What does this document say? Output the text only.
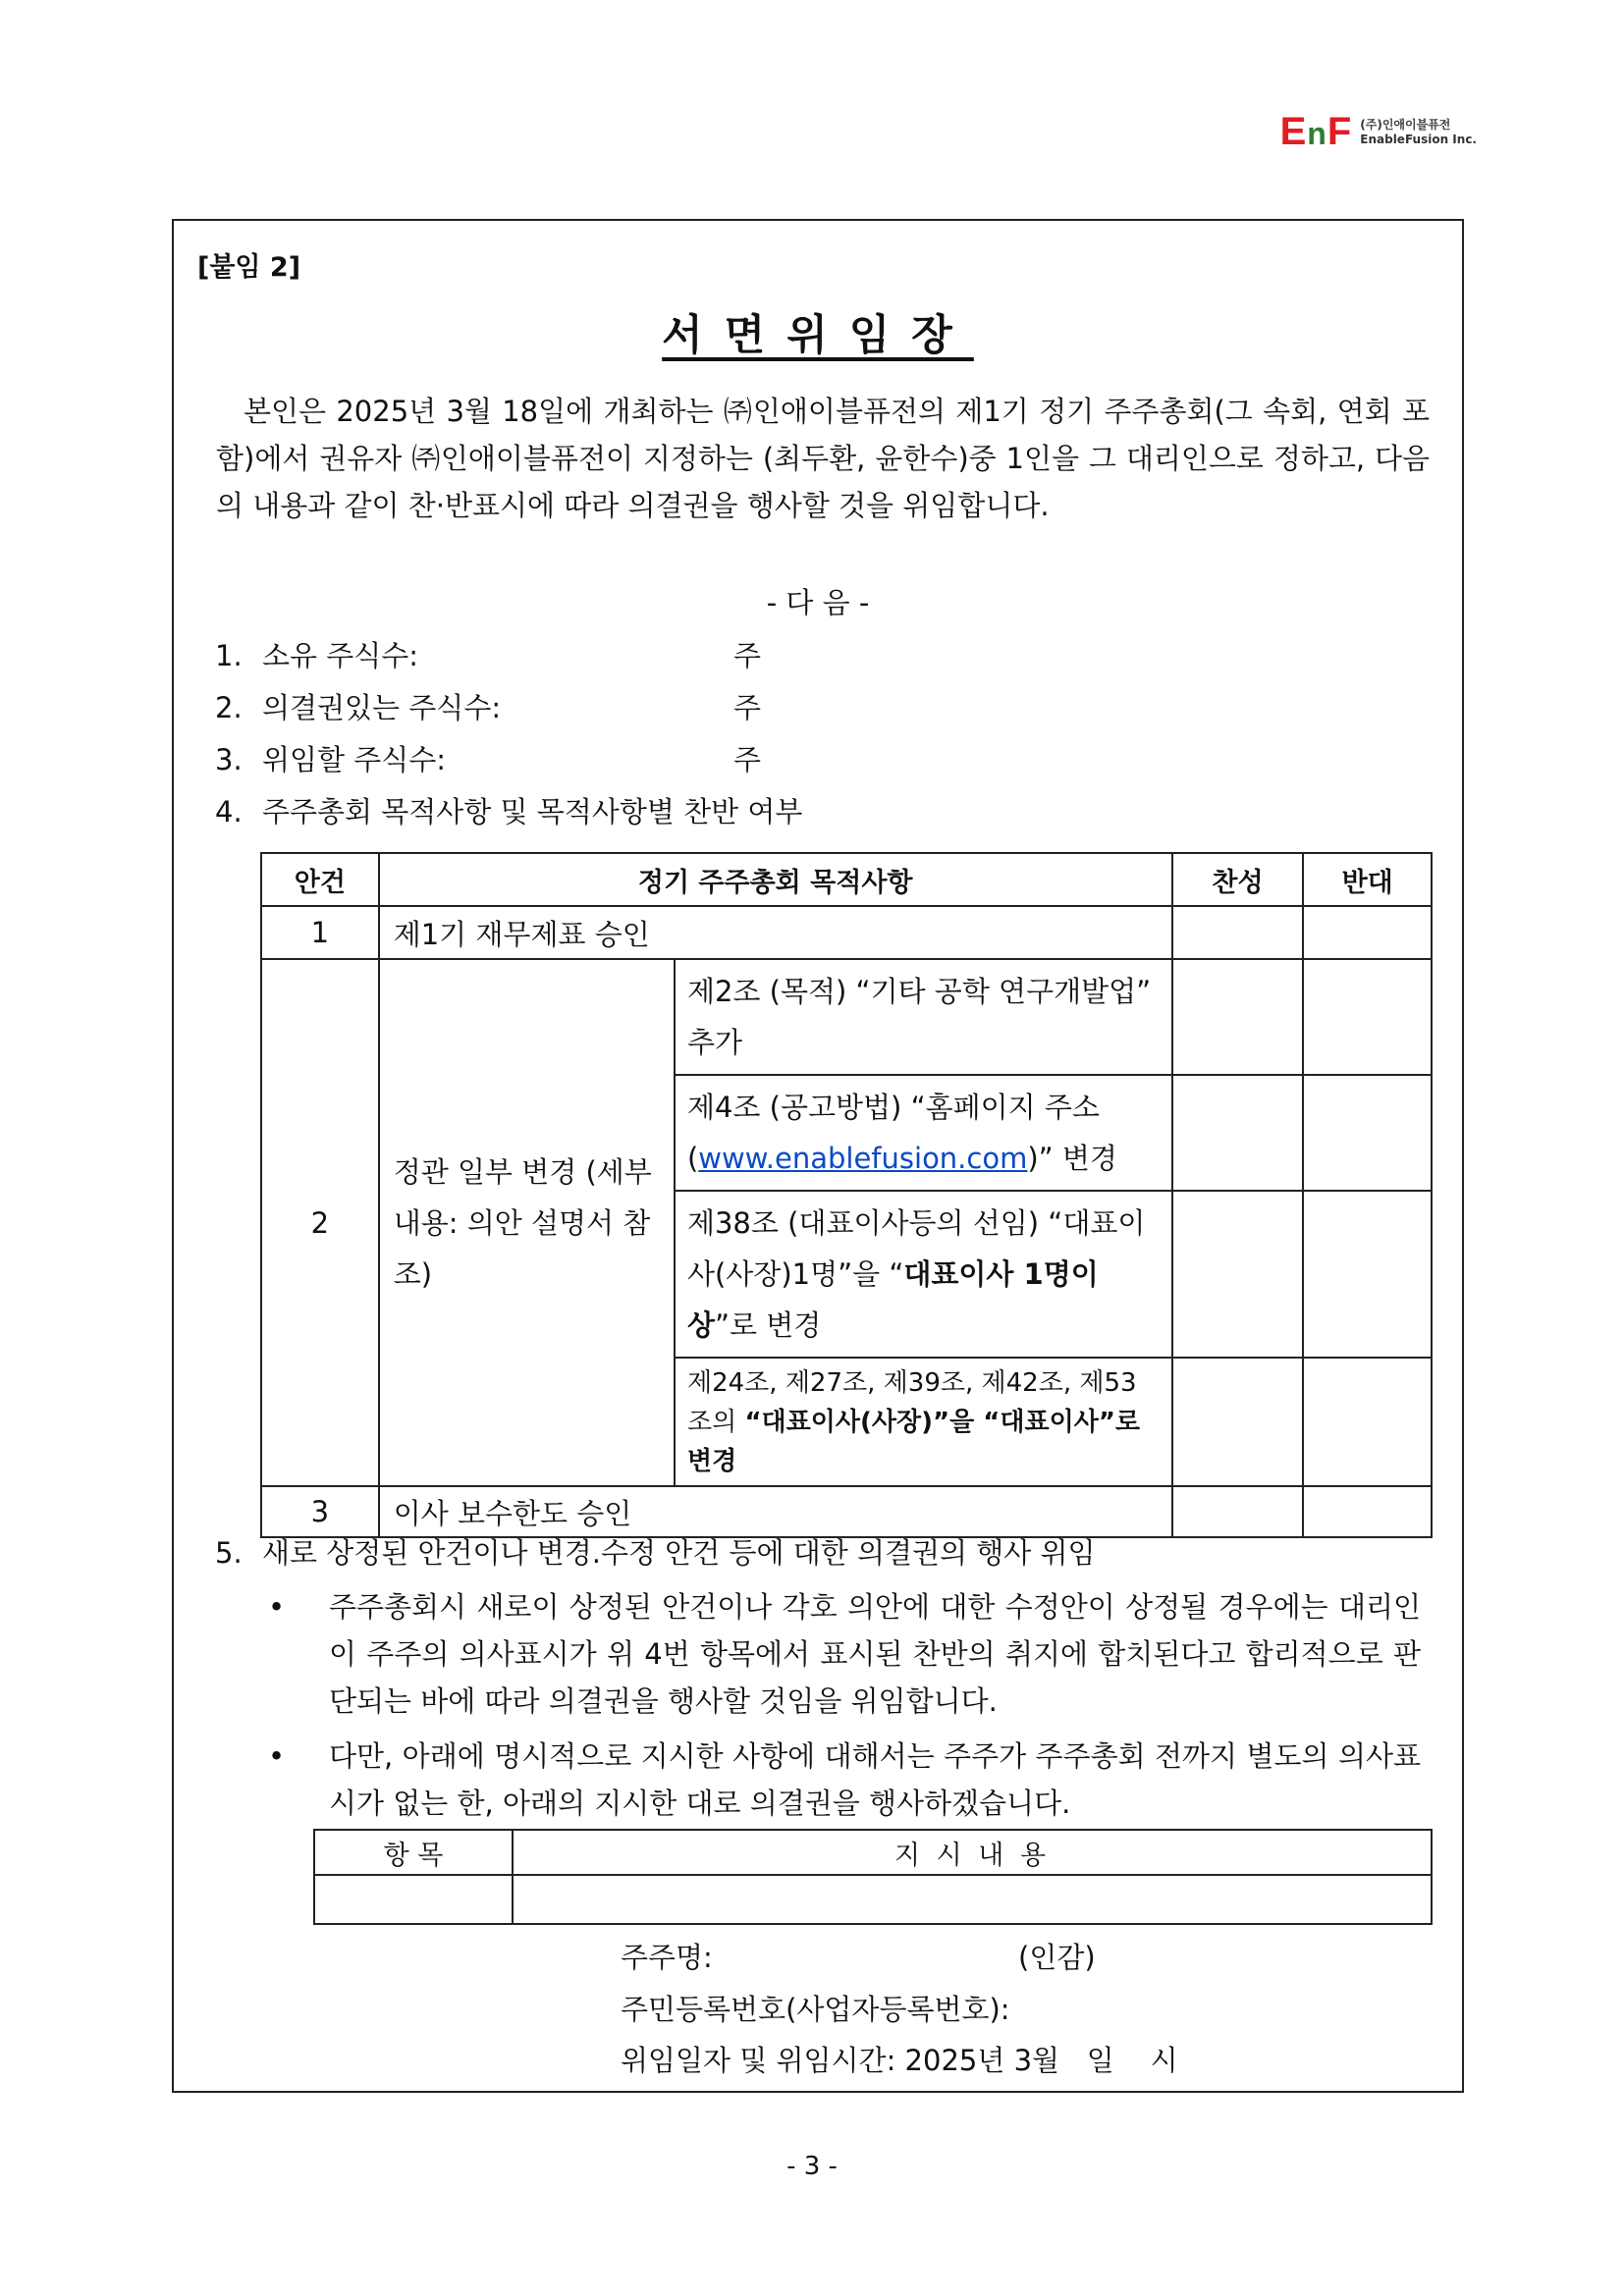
EnF (주)인애이블퓨전
EnableFusion Inc.
[붙임 2]
서면위임장
본인은 2025년 3월 18일에 개최하는 ㈜인애이블퓨전의 제1기 정기 주주총회(그 속회, 연회 포함)에서 권유자 ㈜인애이블퓨전이 지정하는 (최두환, 윤한수)중 1인을 그 대리인으로 정하고, 다음의 내용과 같이 찬·반표시에 따라 의결권을 행사할 것을 위임합니다.
- 다 음 -
1. 소유 주식수:	주
2. 의결권있는 주식수:	주
3. 위임할 주식수:	주
4. 주주총회 목적사항 및 목적사항별 찬반 여부
안건	정기 주주총회 목적사항		찬성	반대
1	제1기 재무제표 승인			
2	정관 일부 변경 (세부내용: 의안 설명서 참조)	제2조 (목적) “기타 공학 연구개발업” 추가		
		제4조 (공고방법) “홈페이지 주소 (www.enablefusion.com)” 변경		
		제38조 (대표이사등의 선임) “대표이사(사장)1명”을 “대표이사 1명이상”로 변경		
		제24조, 제27조, 제39조, 제42조, 제53조의 “대표이사(사장)”을 “대표이사”로 변경		
3	이사 보수한도 승인			
5. 새로 상정된 안건이나 변경.수정 안건 등에 대한 의결권의 행사 위임
• 주주총회시 새로이 상정된 안건이나 각호 의안에 대한 수정안이 상정될 경우에는 대리인이 주주의 의사표시가 위 4번 항목에서 표시된 찬반의 취지에 합치된다고 합리적으로 판단되는 바에 따라 의결권을 행사할 것임을 위임합니다.
• 다만, 아래에 명시적으로 지시한 사항에 대해서는 주주가 주주총회 전까지 별도의 의사표시가 없는 한, 아래의 지시한 대로 의결권을 행사하겠습니다.
항 목	지 시 내 용

주주명:	(인감)
주민등록번호(사업자등록번호):
위임일자 및 위임시간: 2025년 3월   일    시
- 3 -
